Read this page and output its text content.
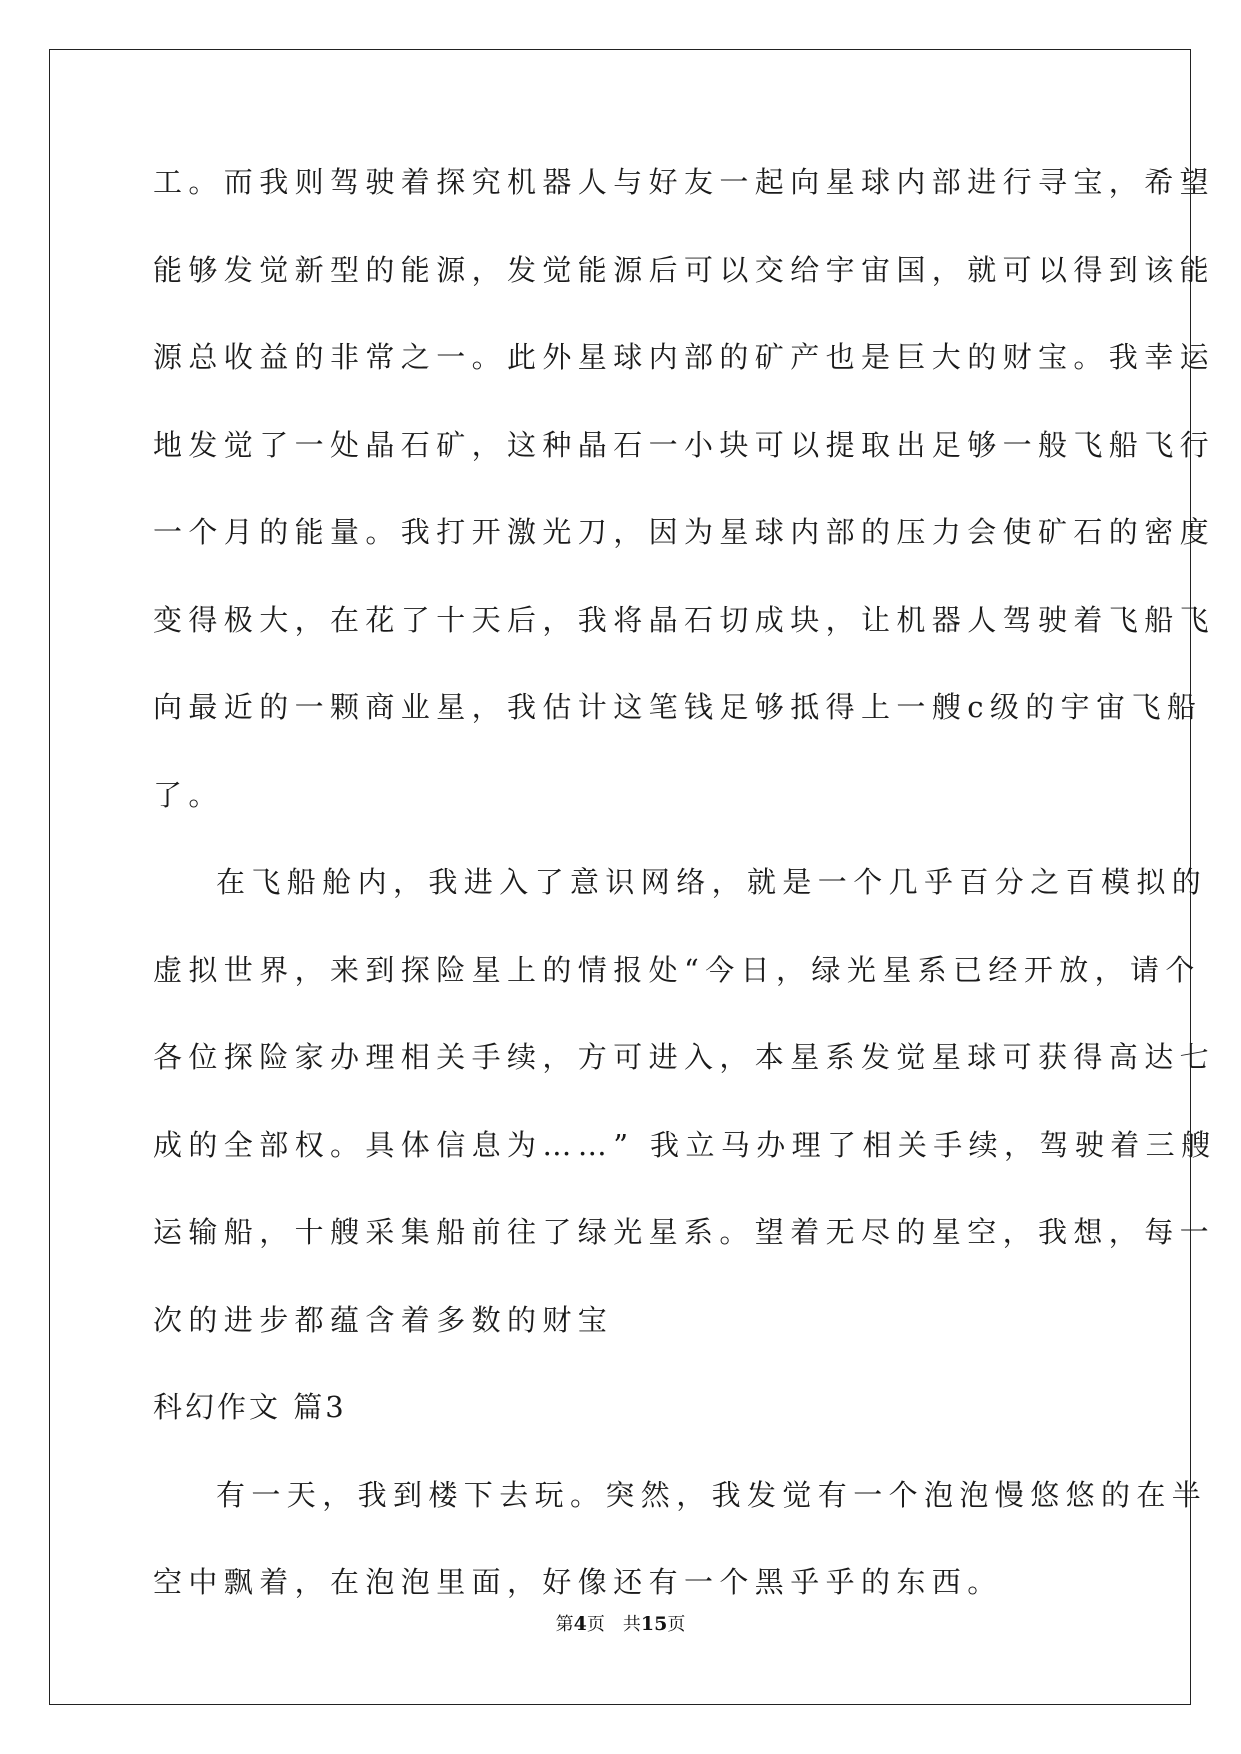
工。而我则驾驶着探究机器人与好友一起向星球内部进行寻宝，希望
能够发觉新型的能源，发觉能源后可以交给宇宙国，就可以得到该能
源总收益的非常之一。此外星球内部的矿产也是巨大的财宝。我幸运
地发觉了一处晶石矿，这种晶石一小块可以提取出足够一般飞船飞行
一个月的能量。我打开激光刀，因为星球内部的压力会使矿石的密度
变得极大，在花了十天后，我将晶石切成块，让机器人驾驶着飞船飞
向最近的一颗商业星，我估计这笔钱足够抵得上一艘c级的宇宙飞船
了。
在飞船舱内，我进入了意识网络，就是一个几乎百分之百模拟的
虚拟世界，来到探险星上的情报处“今日，绿光星系已经开放，请个
各位探险家办理相关手续，方可进入，本星系发觉星球可获得高达七
成的全部权。具体信息为……” 我立马办理了相关手续，驾驶着三艘
运输船，十艘采集船前往了绿光星系。望着无尽的星空，我想，每一
次的进步都蕴含着多数的财宝
科幻作文 篇3
有一天，我到楼下去玩。突然，我发觉有一个泡泡慢悠悠的在半
空中飘着，在泡泡里面，好像还有一个黑乎乎的东西。
第4页 共15页
